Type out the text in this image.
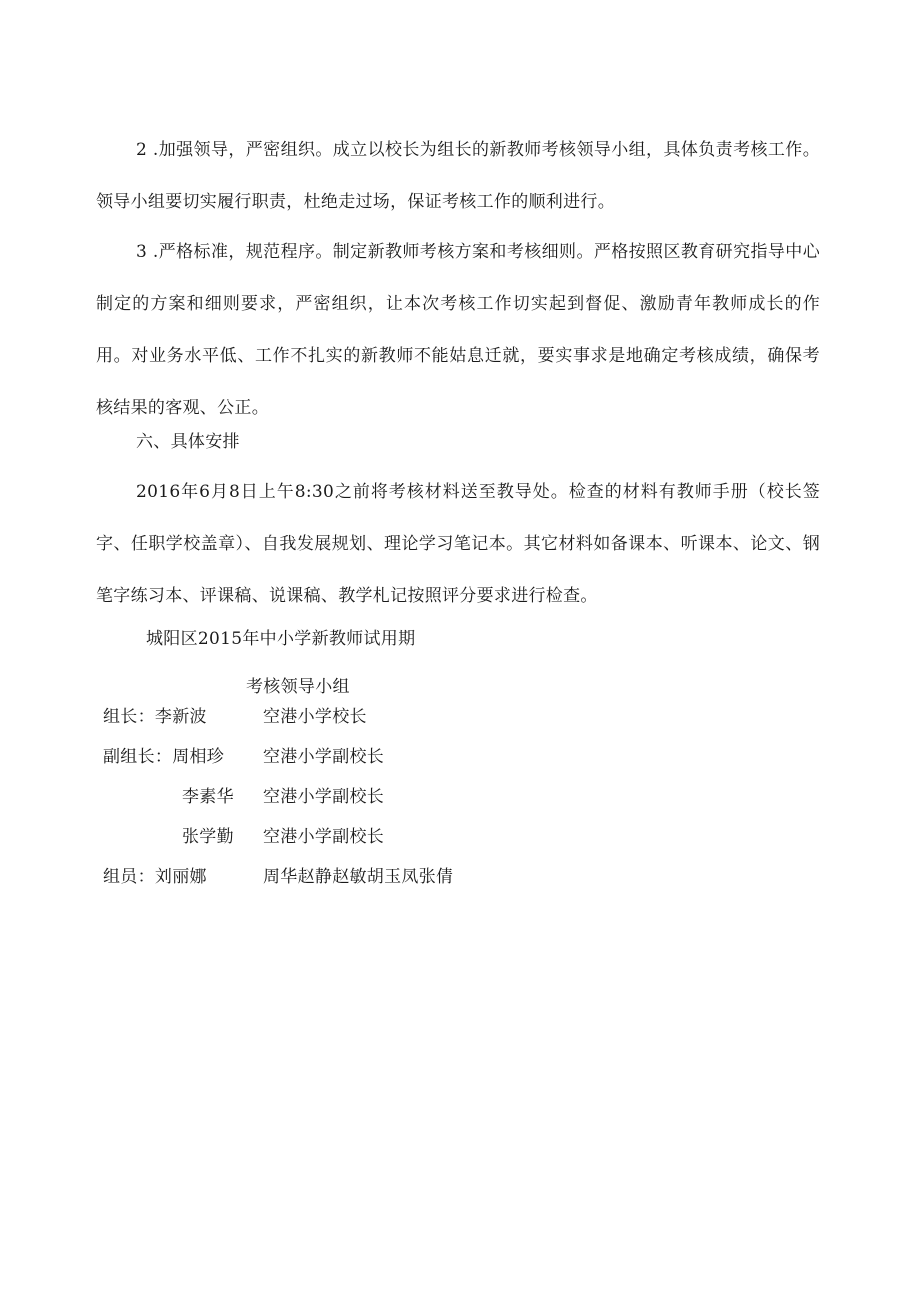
2 .加强领导，严密组织。成立以校长为组长的新教师考核领导小组，具体负责考核工作。领导小组要切实履行职责，杜绝走过场，保证考核工作的顺利进行。

3 .严格标准，规范程序。制定新教师考核方案和考核细则。严格按照区教育研究指导中心制定的方案和细则要求，严密组织，让本次考核工作切实起到督促、激励青年教师成长的作用。对业务水平低、工作不扎实的新教师不能姑息迁就，要实事求是地确定考核成绩，确保考核结果的客观、公正。

六、具体安排

2016年6月8日上午8:30之前将考核材料送至教导处。检查的材料有教师手册（校长签字、任职学校盖章）、自我发展规划、理论学习笔记本。其它材料如备课本、听课本、论文、钢笔字练习本、评课稿、说课稿、教学札记按照评分要求进行检查。

城阳区2015年中小学新教师试用期

考核领导小组

组长：李新波	空港小学校长
副组长：周相珍 空港小学副校长
李素华 空港小学副校长
张学勤 空港小学副校长
组员：刘丽娜	周华赵静赵敏胡玉凤张倩
